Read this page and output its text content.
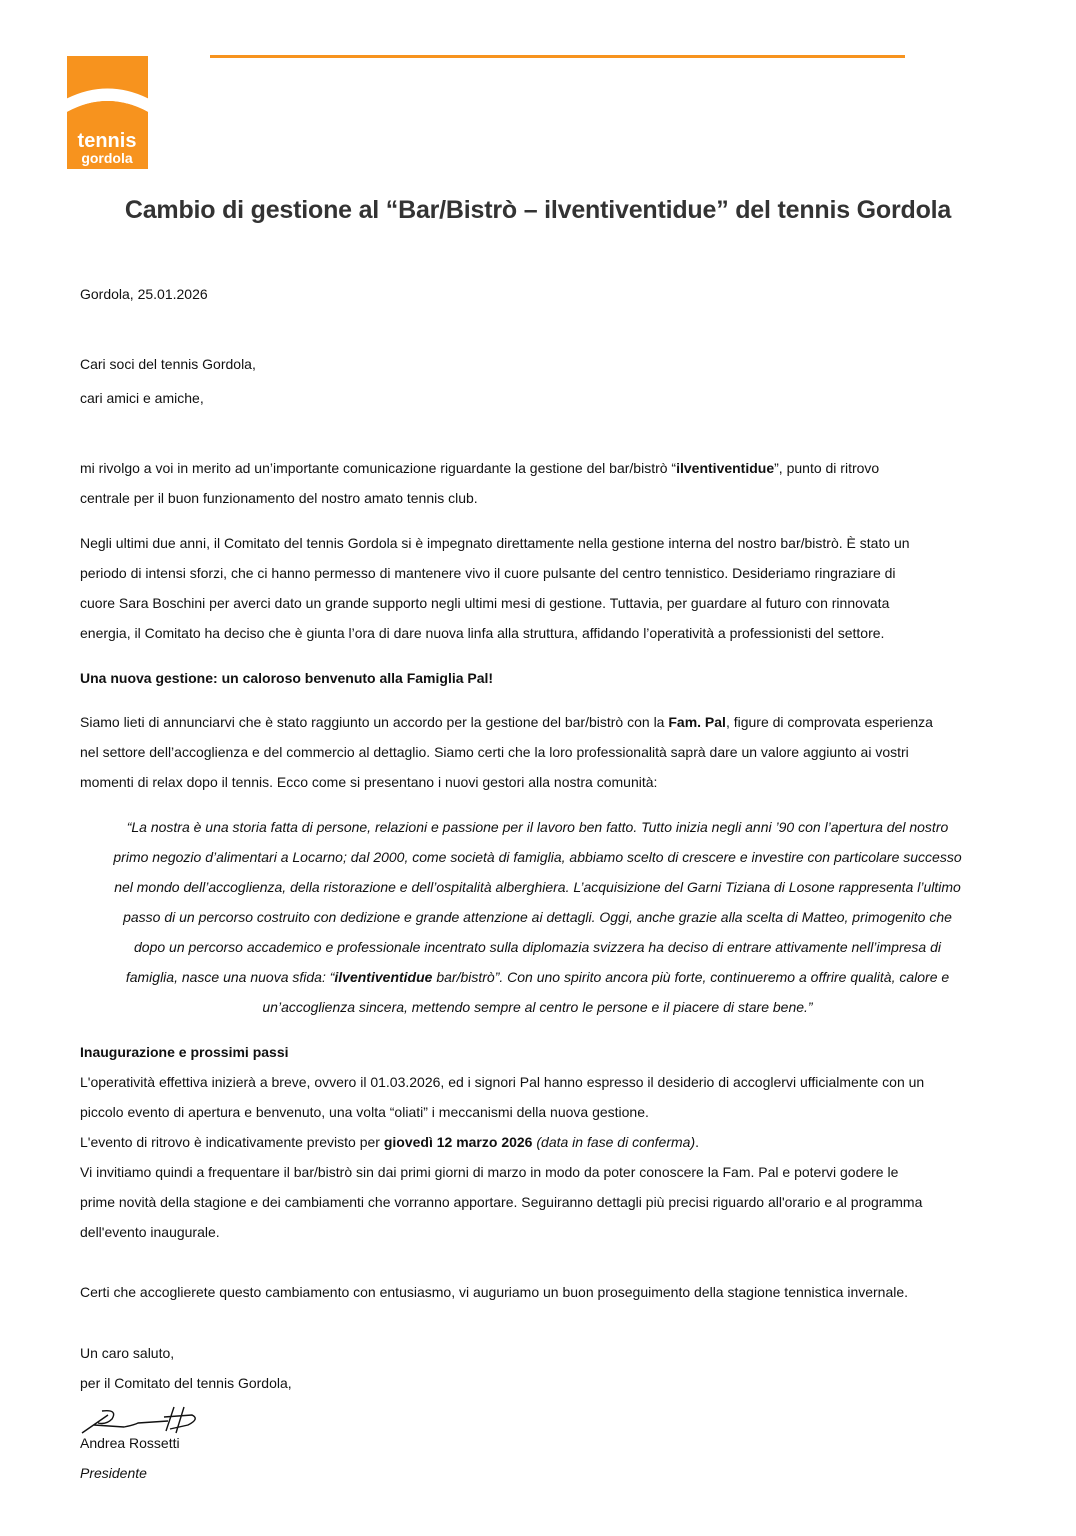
tennis
gordola
Cambio di gestione al “Bar/Bistrò – ilventiventidue” del tennis Gordola

Gordola, 25.01.2026

Cari soci del tennis Gordola,

cari amici e amiche,

mi rivolgo a voi in merito ad un’importante comunicazione riguardante la gestione del bar/bistrò “ilventiventidue”, punto di ritrovo
centrale per il buon funzionamento del nostro amato tennis club.

Negli ultimi due anni, il Comitato del tennis Gordola si è impegnato direttamente nella gestione interna del nostro bar/bistrò. È stato un
periodo di intensi sforzi, che ci hanno permesso di mantenere vivo il cuore pulsante del centro tennistico. Desideriamo ringraziare di
cuore Sara Boschini per averci dato un grande supporto negli ultimi mesi di gestione. Tuttavia, per guardare al futuro con rinnovata
energia, il Comitato ha deciso che è giunta l’ora di dare nuova linfa alla struttura, affidando l’operatività a professionisti del settore.

Una nuova gestione: un caloroso benvenuto alla Famiglia Pal!

Siamo lieti di annunciarvi che è stato raggiunto un accordo per la gestione del bar/bistrò con la Fam. Pal, figure di comprovata esperienza
nel settore dell’accoglienza e del commercio al dettaglio. Siamo certi che la loro professionalità saprà dare un valore aggiunto ai vostri
momenti di relax dopo il tennis. Ecco come si presentano i nuovi gestori alla nostra comunità:

“La nostra è una storia fatta di persone, relazioni e passione per il lavoro ben fatto. Tutto inizia negli anni ’90 con l’apertura del nostro
primo negozio d’alimentari a Locarno; dal 2000, come società di famiglia, abbiamo scelto di crescere e investire con particolare successo
nel mondo dell’accoglienza, della ristorazione e dell’ospitalità alberghiera. L’acquisizione del Garni Tiziana di Losone rappresenta l’ultimo
passo di un percorso costruito con dedizione e grande attenzione ai dettagli. Oggi, anche grazie alla scelta di Matteo, primogenito che
dopo un percorso accademico e professionale incentrato sulla diplomazia svizzera ha deciso di entrare attivamente nell’impresa di
famiglia, nasce una nuova sfida: “ilventiventidue bar/bistrò”. Con uno spirito ancora più forte, continueremo a offrire qualità, calore e
un’accoglienza sincera, mettendo sempre al centro le persone e il piacere di stare bene.”

Inaugurazione e prossimi passi

L'operatività effettiva inizierà a breve, ovvero il 01.03.2026, ed i signori Pal hanno espresso il desiderio di accoglervi ufficialmente con un
piccolo evento di apertura e benvenuto, una volta “oliati” i meccanismi della nuova gestione.
L'evento di ritrovo è indicativamente previsto per giovedì 12 marzo 2026 (data in fase di conferma).
Vi invitiamo quindi a frequentare il bar/bistrò sin dai primi giorni di marzo in modo da poter conoscere la Fam. Pal e potervi godere le
prime novità della stagione e dei cambiamenti che vorranno apportare. Seguiranno dettagli più precisi riguardo all'orario e al programma
dell'evento inaugurale.

Certi che accoglierete questo cambiamento con entusiasmo, vi auguriamo un buon proseguimento della stagione tennistica invernale.

Un caro saluto,

per il Comitato del tennis Gordola,

Andrea Rossetti

Presidente
